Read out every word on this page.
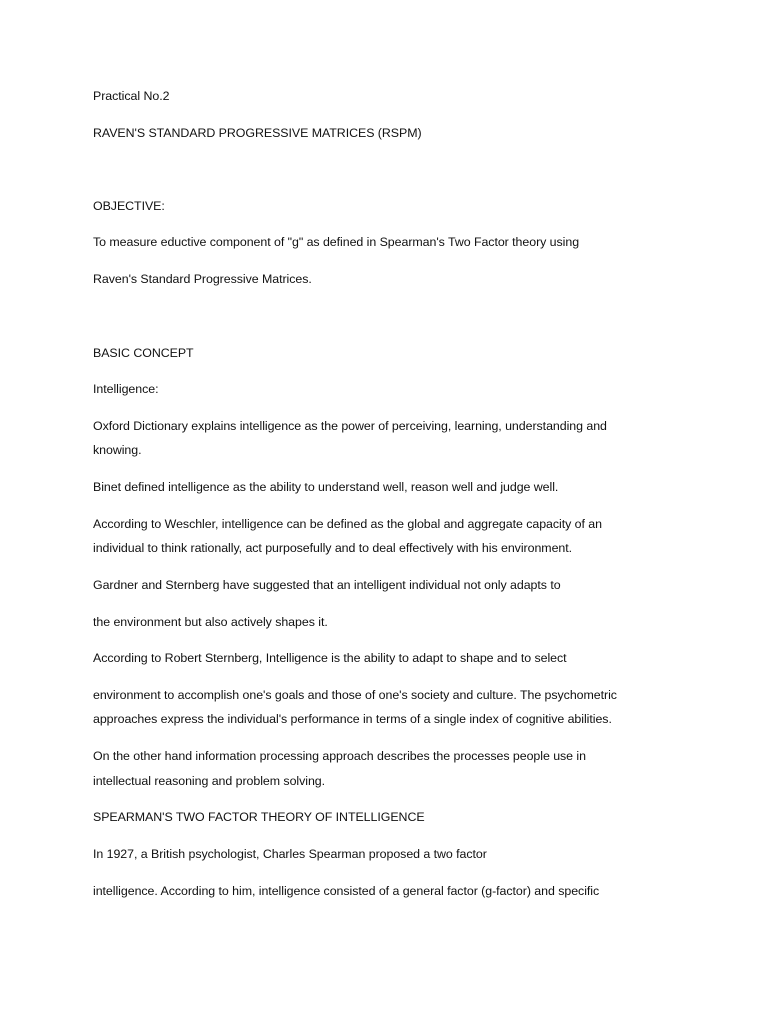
Practical No.2

RAVEN'S STANDARD PROGRESSIVE MATRICES (RSPM)

OBJECTIVE:

To measure eductive component of "g" as defined in Spearman's Two Factor theory using

Raven's Standard Progressive Matrices.

BASIC CONCEPT

Intelligence:

Oxford Dictionary explains intelligence as the power of perceiving, learning, understanding and

knowing.

Binet defined intelligence as the ability to understand well, reason well and judge well.

According to Weschler, intelligence can be defined as the global and aggregate capacity of an

individual to think rationally, act purposefully and to deal effectively with his environment.

Gardner and Sternberg have suggested that an intelligent individual not only adapts to

the environment but also actively shapes it.

According to Robert Sternberg, Intelligence is the ability to adapt to shape and to select

environment to accomplish one's goals and those of one's society and culture. The psychometric

approaches express the individual's performance in terms of a single index of cognitive abilities.

On the other hand information processing approach describes the processes people use in

intellectual reasoning and problem solving.

SPEARMAN'S TWO FACTOR THEORY OF INTELLIGENCE

In 1927, a British psychologist, Charles Spearman proposed a two factor

intelligence. According to him, intelligence consisted of a general factor (g-factor) and specific
